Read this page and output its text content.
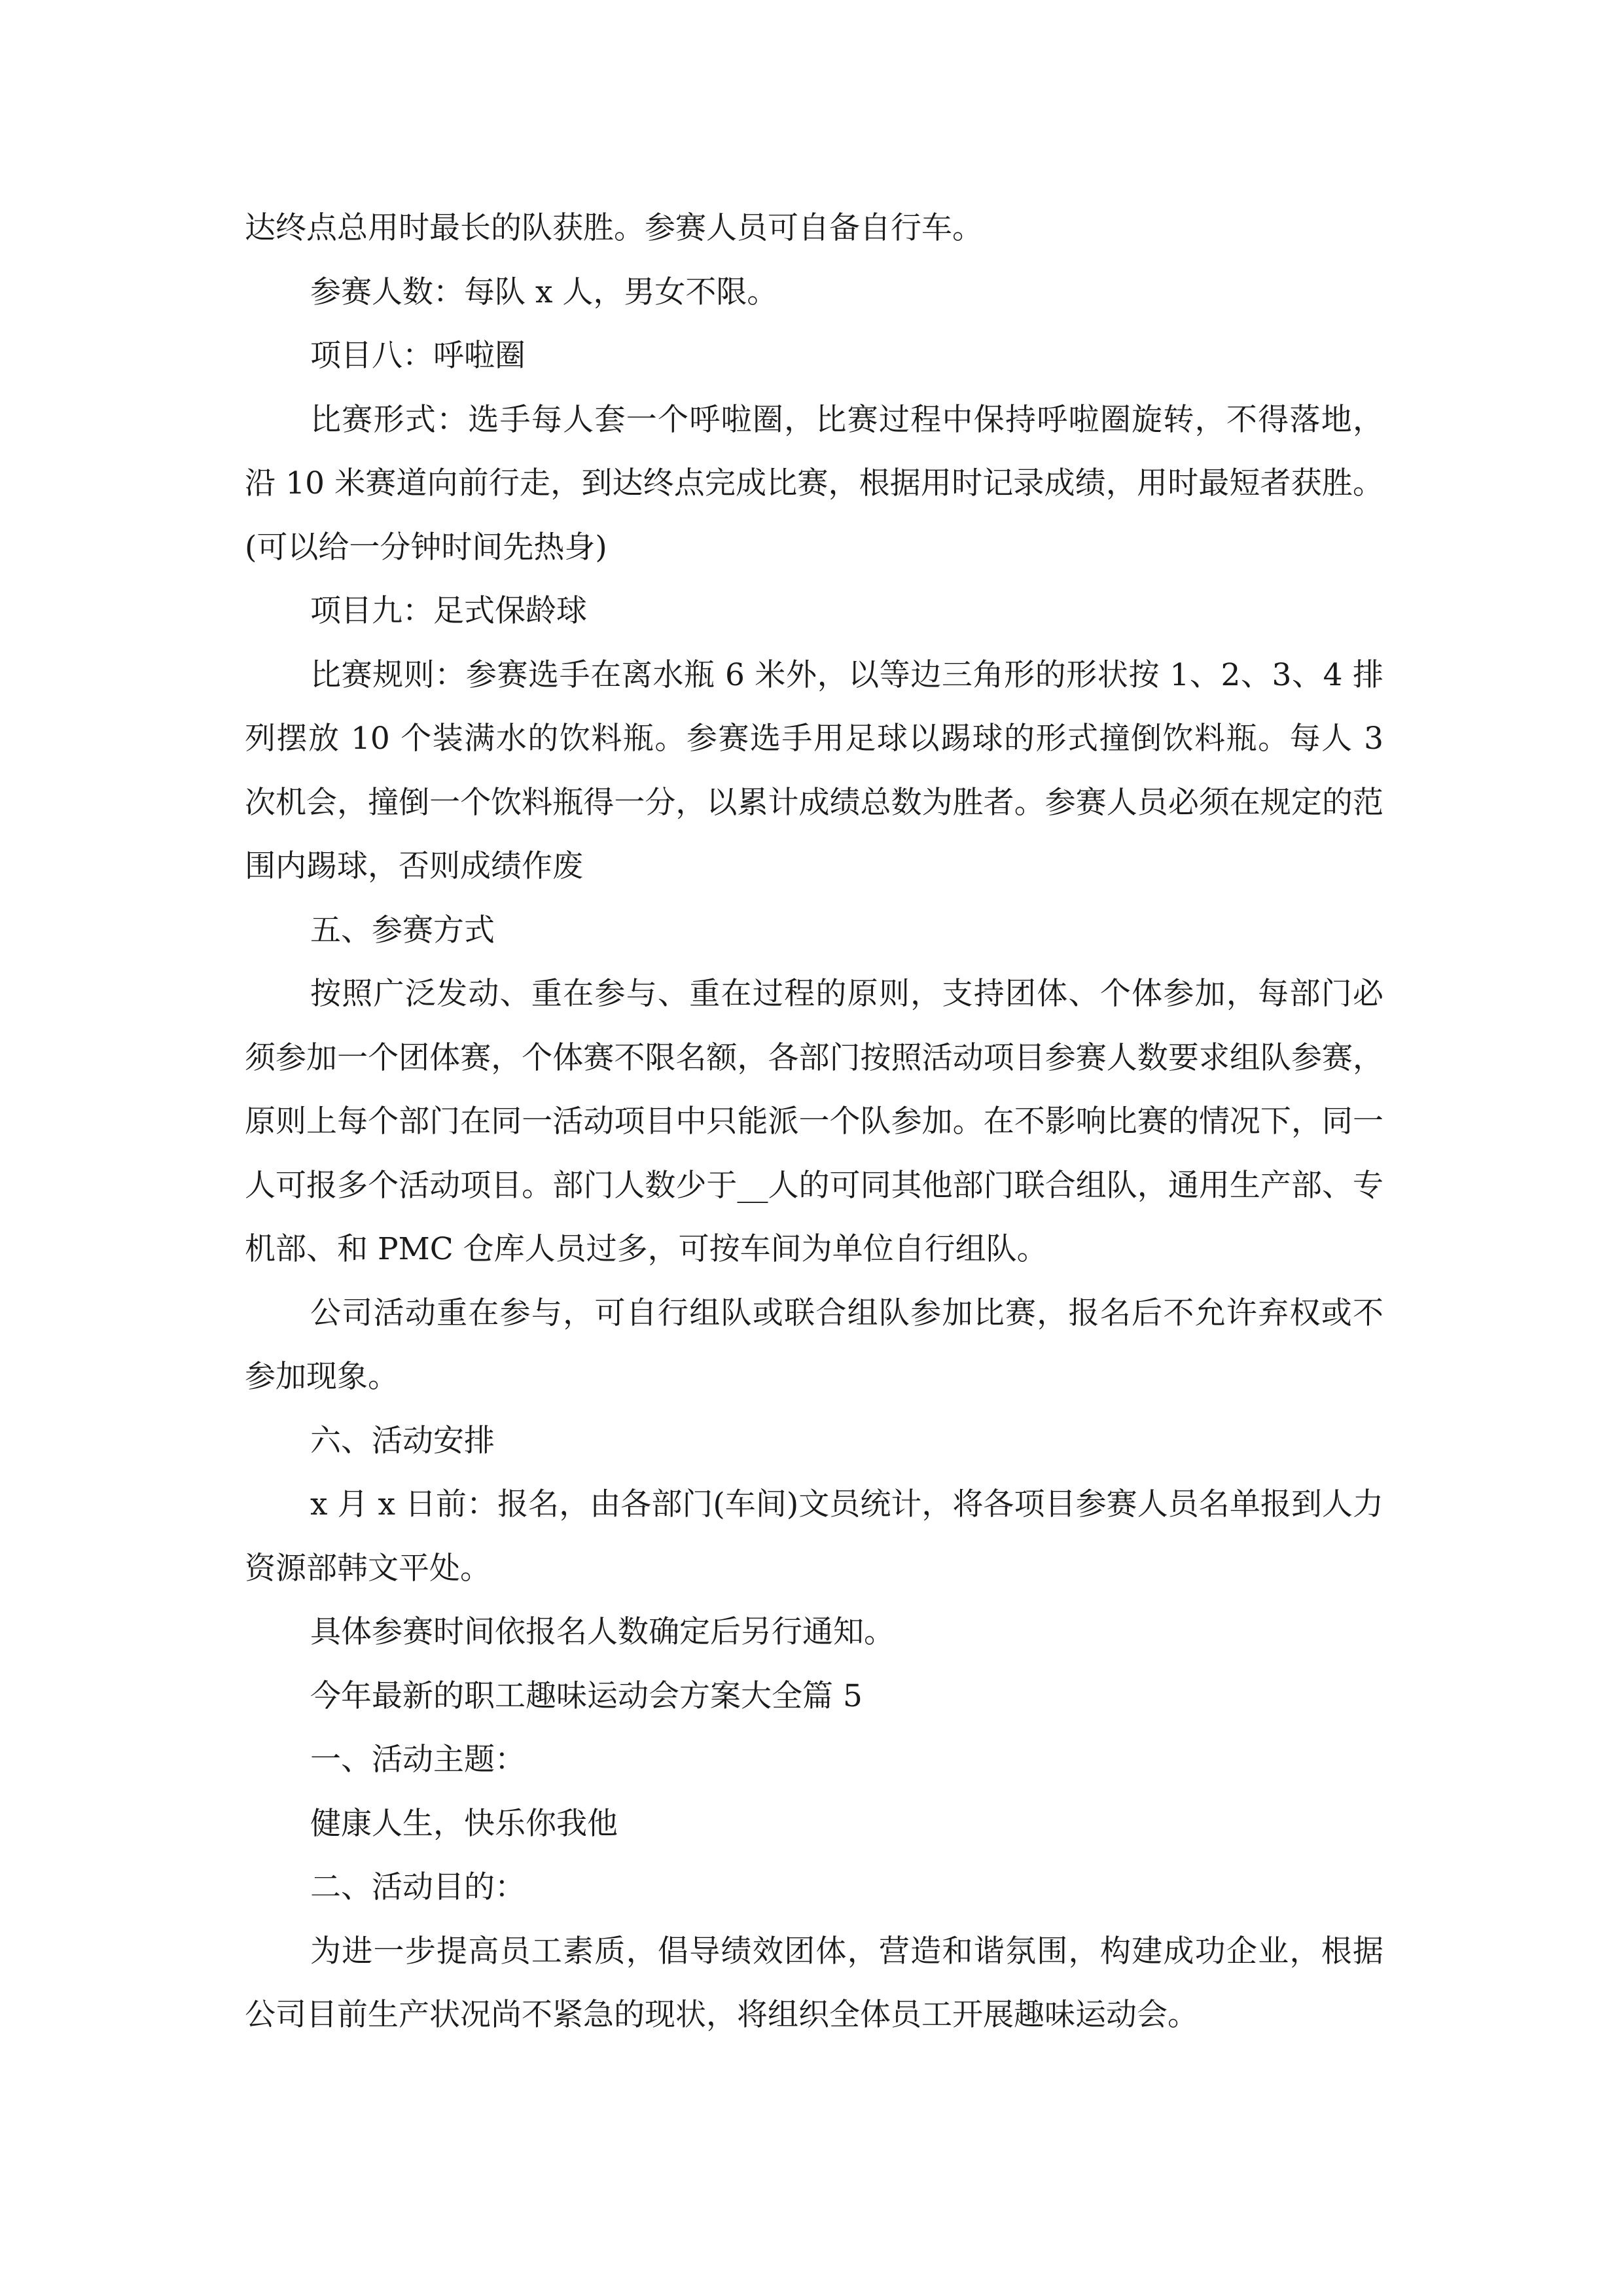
达终点总用时最长的队获胜。参赛人员可自备自行车。

参赛人数：每队 x 人，男女不限。

项目八：呼啦圈

比赛形式：选手每人套一个呼啦圈，比赛过程中保持呼啦圈旋转，不得落地，沿 10 米赛道向前行走，到达终点完成比赛，根据用时记录成绩，用时最短者获胜。(可以给一分钟时间先热身)

项目九：足式保龄球

比赛规则：参赛选手在离水瓶 6 米外，以等边三角形的形状按 1、2、3、4 排列摆放 10 个装满水的饮料瓶。参赛选手用足球以踢球的形式撞倒饮料瓶。每人 3 次机会，撞倒一个饮料瓶得一分，以累计成绩总数为胜者。参赛人员必须在规定的范围内踢球，否则成绩作废

五、参赛方式

按照广泛发动、重在参与、重在过程的原则，支持团体、个体参加，每部门必须参加一个团体赛，个体赛不限名额，各部门按照活动项目参赛人数要求组队参赛，原则上每个部门在同一活动项目中只能派一个队参加。在不影响比赛的情况下，同一人可报多个活动项目。部门人数少于__人的可同其他部门联合组队，通用生产部、专机部、和 PMC 仓库人员过多，可按车间为单位自行组队。

公司活动重在参与，可自行组队或联合组队参加比赛，报名后不允许弃权或不参加现象。

六、活动安排

x 月 x 日前：报名，由各部门(车间)文员统计，将各项目参赛人员名单报到人力资源部韩文平处。

具体参赛时间依报名人数确定后另行通知。

今年最新的职工趣味运动会方案大全篇 5

一、活动主题：

健康人生，快乐你我他

二、活动目的：

为进一步提高员工素质，倡导绩效团体，营造和谐氛围，构建成功企业，根据公司目前生产状况尚不紧急的现状，将组织全体员工开展趣味运动会。
